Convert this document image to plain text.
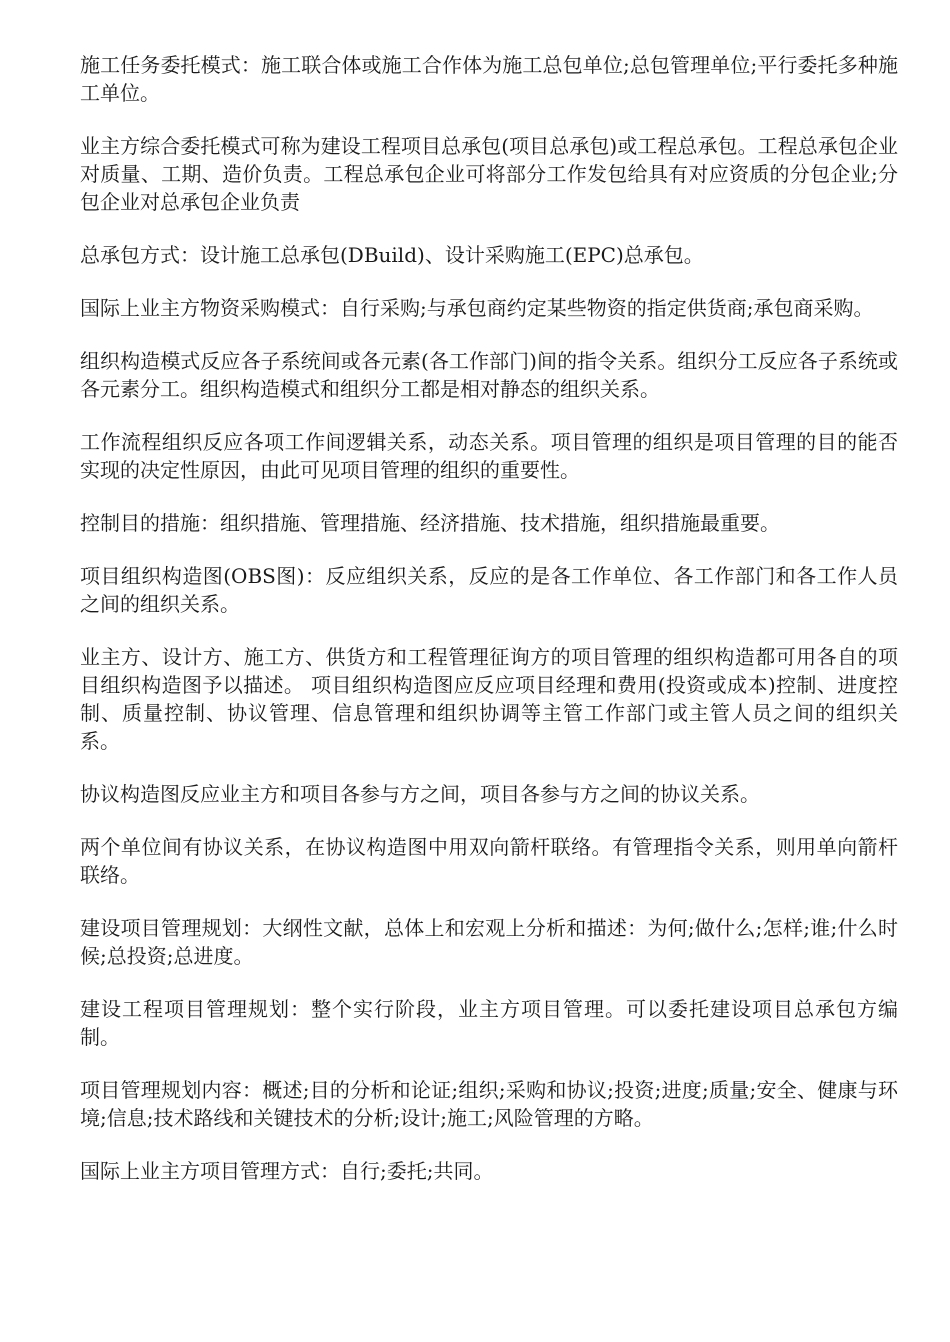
施工任务委托模式：施工联合体或施工合作体为施工总包单位;总包管理单位;平行委托多种施工单位。

业主方综合委托模式可称为建设工程项目总承包(项目总承包)或工程总承包。工程总承包企业对质量、工期、造价负责。工程总承包企业可将部分工作发包给具有对应资质的分包企业;分包企业对总承包企业负责

总承包方式：设计施工总承包(DBuild)、设计采购施工(EPC)总承包。

国际上业主方物资采购模式：自行采购;与承包商约定某些物资的指定供货商;承包商采购。

组织构造模式反应各子系统间或各元素(各工作部门)间的指令关系。组织分工反应各子系统或各元素分工。组织构造模式和组织分工都是相对静态的组织关系。

工作流程组织反应各项工作间逻辑关系，动态关系。项目管理的组织是项目管理的目的能否实现的决定性原因，由此可见项目管理的组织的重要性。

控制目的措施：组织措施、管理措施、经济措施、技术措施，组织措施最重要。

项目组织构造图(OBS图)：反应组织关系，反应的是各工作单位、各工作部门和各工作人员之间的组织关系。

业主方、设计方、施工方、供货方和工程管理征询方的项目管理的组织构造都可用各自的项目组织构造图予以描述。 项目组织构造图应反应项目经理和费用(投资或成本)控制、进度控制、质量控制、协议管理、信息管理和组织协调等主管工作部门或主管人员之间的组织关系。

协议构造图反应业主方和项目各参与方之间，项目各参与方之间的协议关系。

两个单位间有协议关系，在协议构造图中用双向箭杆联络。有管理指令关系，则用单向箭杆联络。

建设项目管理规划：大纲性文献，总体上和宏观上分析和描述：为何;做什么;怎样;谁;什么时候;总投资;总进度。

建设工程项目管理规划：整个实行阶段，业主方项目管理。可以委托建设项目总承包方编制。

项目管理规划内容：概述;目的分析和论证;组织;采购和协议;投资;进度;质量;安全、健康与环境;信息;技术路线和关键技术的分析;设计;施工;风险管理的方略。

国际上业主方项目管理方式：自行;委托;共同。
